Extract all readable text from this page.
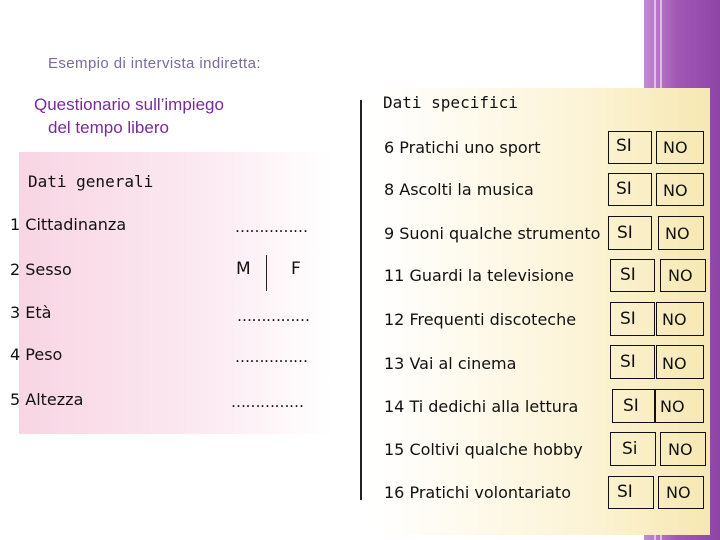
Esempio di intervista indiretta:
Questionario sull’impiego
del tempo libero
Dati generali
1 Cittadinanza	……………
2 Sesso	M F
3 Età	……………
4 Peso	……………
5 Altezza	……………
Dati specifici
6 Pratichi uno sport	SI NO
8 Ascolti la musica	SI NO
9 Suoni qualche strumento SI NO
11 Guardi la televisione	SI NO
12 Frequenti discoteche	SI NO
13 Vai al cinema	SI NO
14 Ti dedichi alla lettura	SI NO
15 Coltivi qualche hobby Si NO
16 Pratichi volontariato	SI NO
